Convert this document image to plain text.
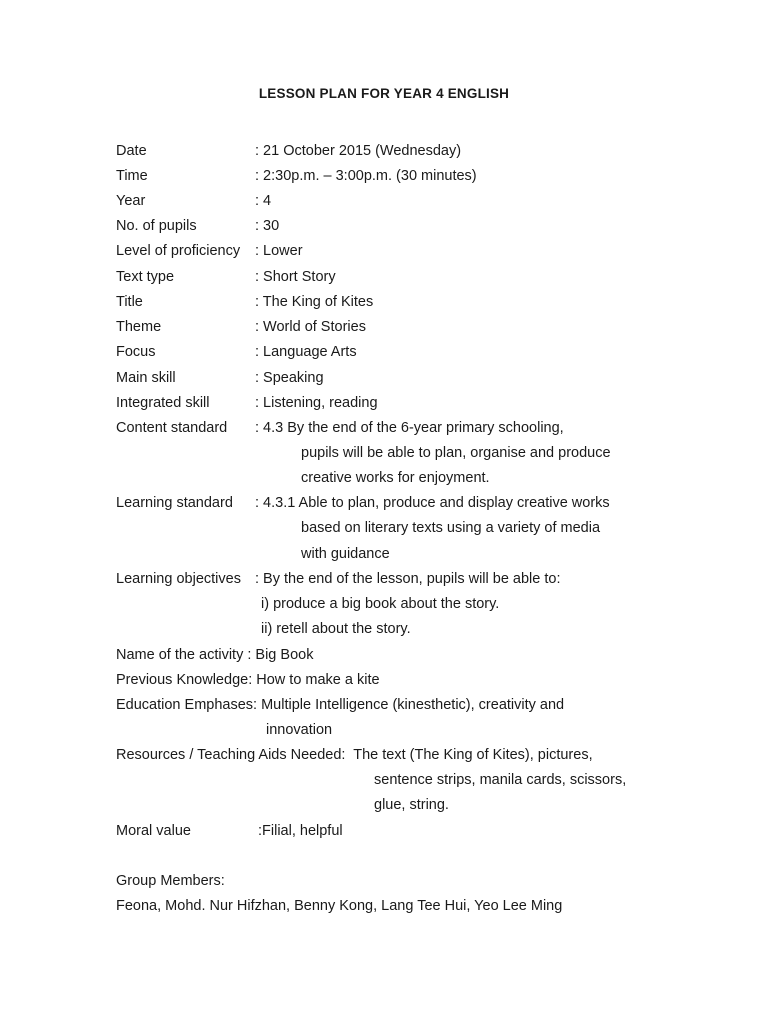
LESSON PLAN FOR YEAR 4 ENGLISH
Date	: 21 October 2015 (Wednesday)
Time	: 2:30p.m. – 3:00p.m. (30 minutes)
Year	: 4
No. of pupils	: 30
Level of proficiency : Lower
Text type	: Short Story
Title	: The King of Kites
Theme	: World of Stories
Focus	: Language Arts
Main skill	: Speaking
Integrated skill	: Listening, reading
Content standard : 4.3 By the end of the 6-year primary schooling,
pupils will be able to plan, organise and produce
creative works for enjoyment.
Learning standard : 4.3.1 Able to plan, produce and display creative works
based on literary texts using a variety of media
with guidance
Learning objectives : By the end of the lesson, pupils will be able to:
i) produce a big book about the story.
ii) retell about the story.
Name of the activity : Big Book
Previous Knowledge: How to make a kite
Education Emphases: Multiple Intelligence (kinesthetic), creativity and
innovation
Resources / Teaching Aids Needed:  The text (The King of Kites), pictures,
sentence strips, manila cards, scissors,
glue, string.
Moral value	:Filial, helpful
Group Members:
Feona, Mohd. Nur Hifzhan, Benny Kong, Lang Tee Hui, Yeo Lee Ming
